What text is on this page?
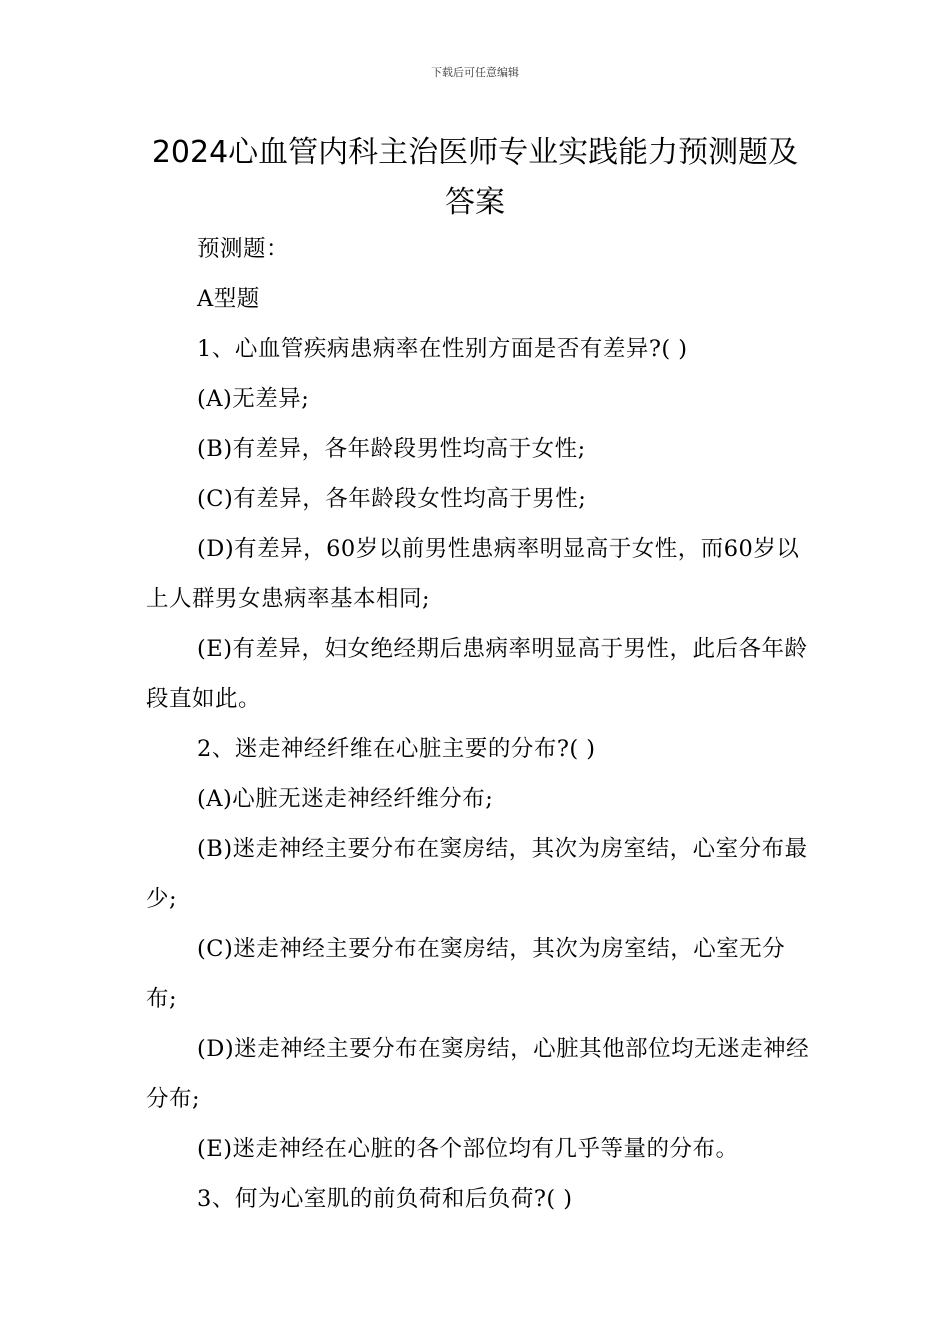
下载后可任意编辑
2024心血管内科主治医师专业实践能力预测题及答案

预测题：

A型题

1、心血管疾病患病率在性别方面是否有差异?( )

(A)无差异;

(B)有差异，各年龄段男性均高于女性;

(C)有差异，各年龄段女性均高于男性;

(D)有差异，60岁以前男性患病率明显高于女性，而60岁以上人群男女患病率基本相同;

(E)有差异，妇女绝经期后患病率明显高于男性，此后各年龄段直如此。

2、迷走神经纤维在心脏主要的分布?( )

(A)心脏无迷走神经纤维分布;

(B)迷走神经主要分布在窦房结，其次为房室结，心室分布最少;

(C)迷走神经主要分布在窦房结，其次为房室结，心室无分布;

(D)迷走神经主要分布在窦房结，心脏其他部位均无迷走神经分布;

(E)迷走神经在心脏的各个部位均有几乎等量的分布。

3、何为心室肌的前负荷和后负荷?( )
